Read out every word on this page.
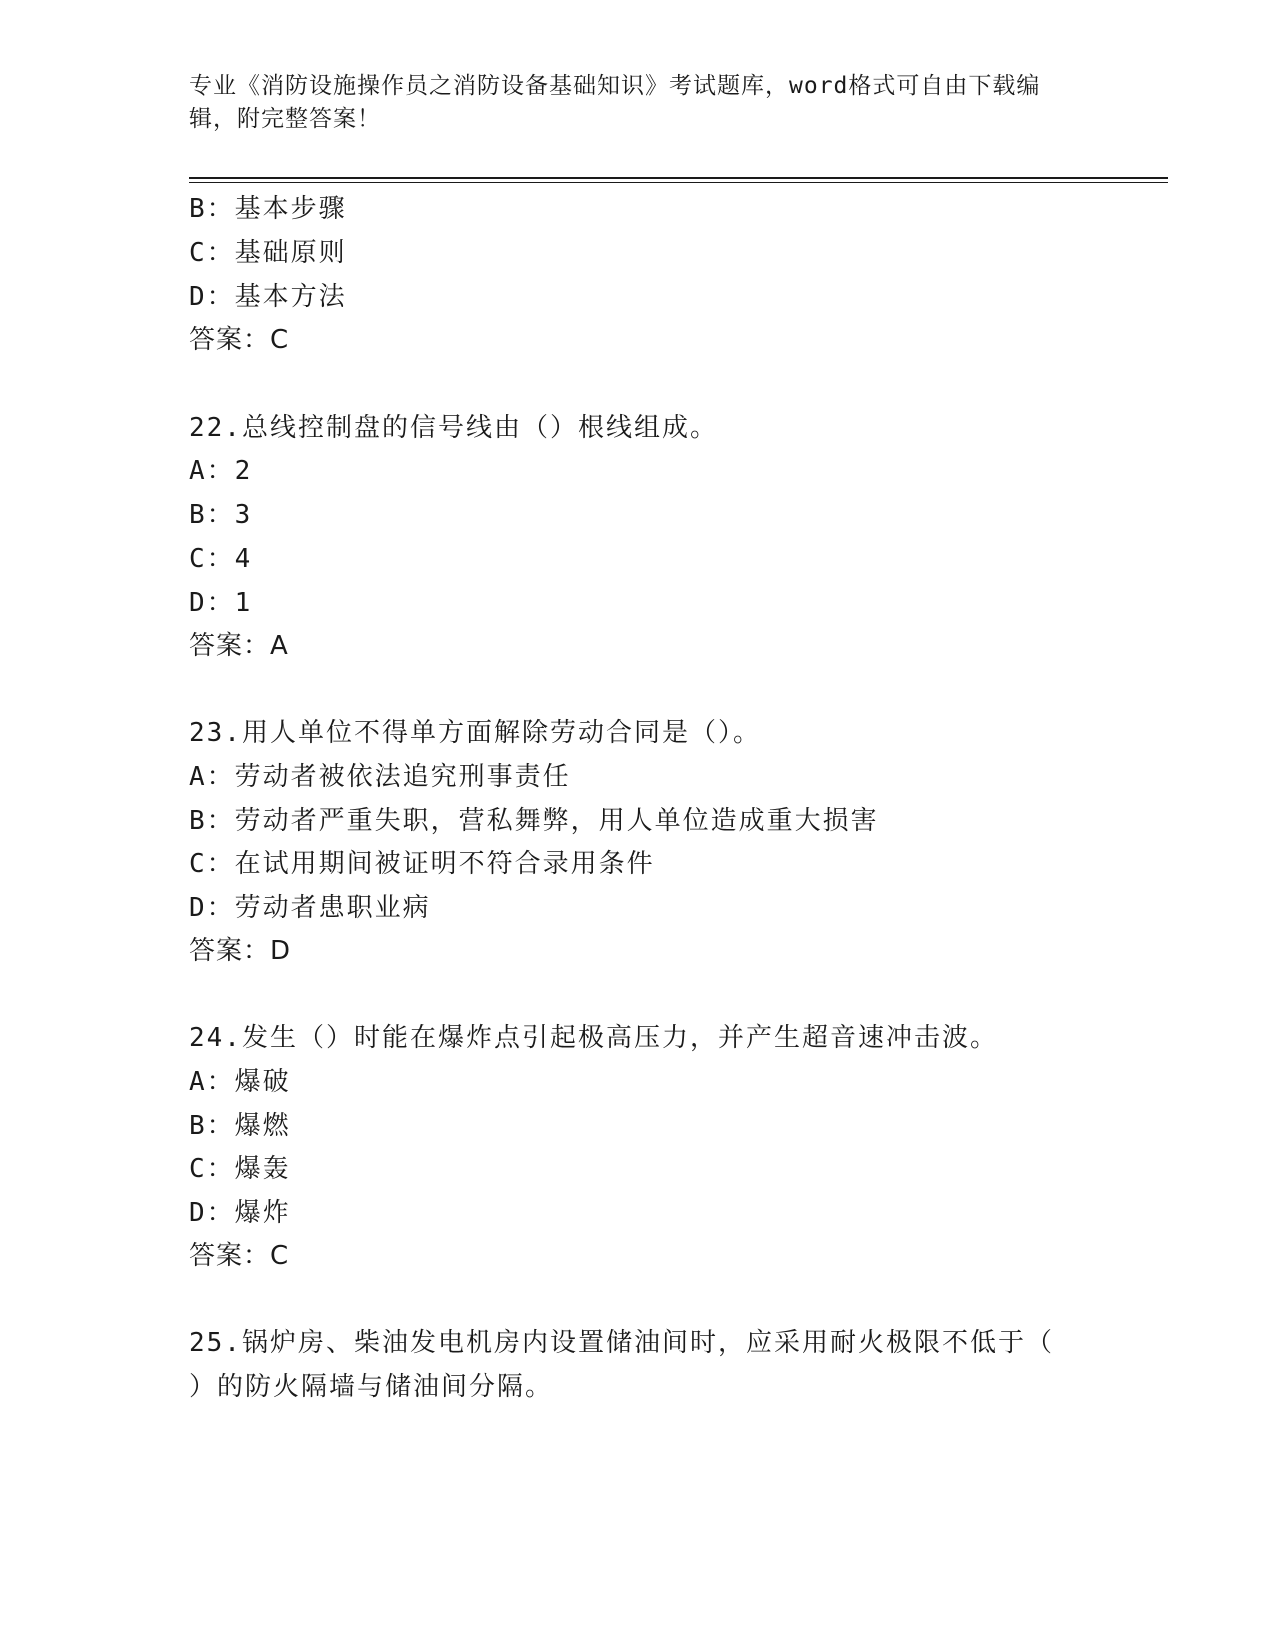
专业《消防设施操作员之消防设备基础知识》考试题库，word格式可自由下载编
辑，附完整答案！
B：基本步骤
C：基础原则
D：基本方法
答案：C
22.总线控制盘的信号线由（）根线组成。
A：2
B：3
C：4
D：1
答案：A
23.用人单位不得单方面解除劳动合同是（）。
A：劳动者被依法追究刑事责任
B：劳动者严重失职，营私舞弊，用人单位造成重大损害
C：在试用期间被证明不符合录用条件
D：劳动者患职业病
答案：D
24.发生（）时能在爆炸点引起极高压力，并产生超音速冲击波。
A：爆破
B：爆燃
C：爆轰
D：爆炸
答案：C
25.锅炉房、柴油发电机房内设置储油间时，应采用耐火极限不低于（
）的防火隔墙与储油间分隔。
